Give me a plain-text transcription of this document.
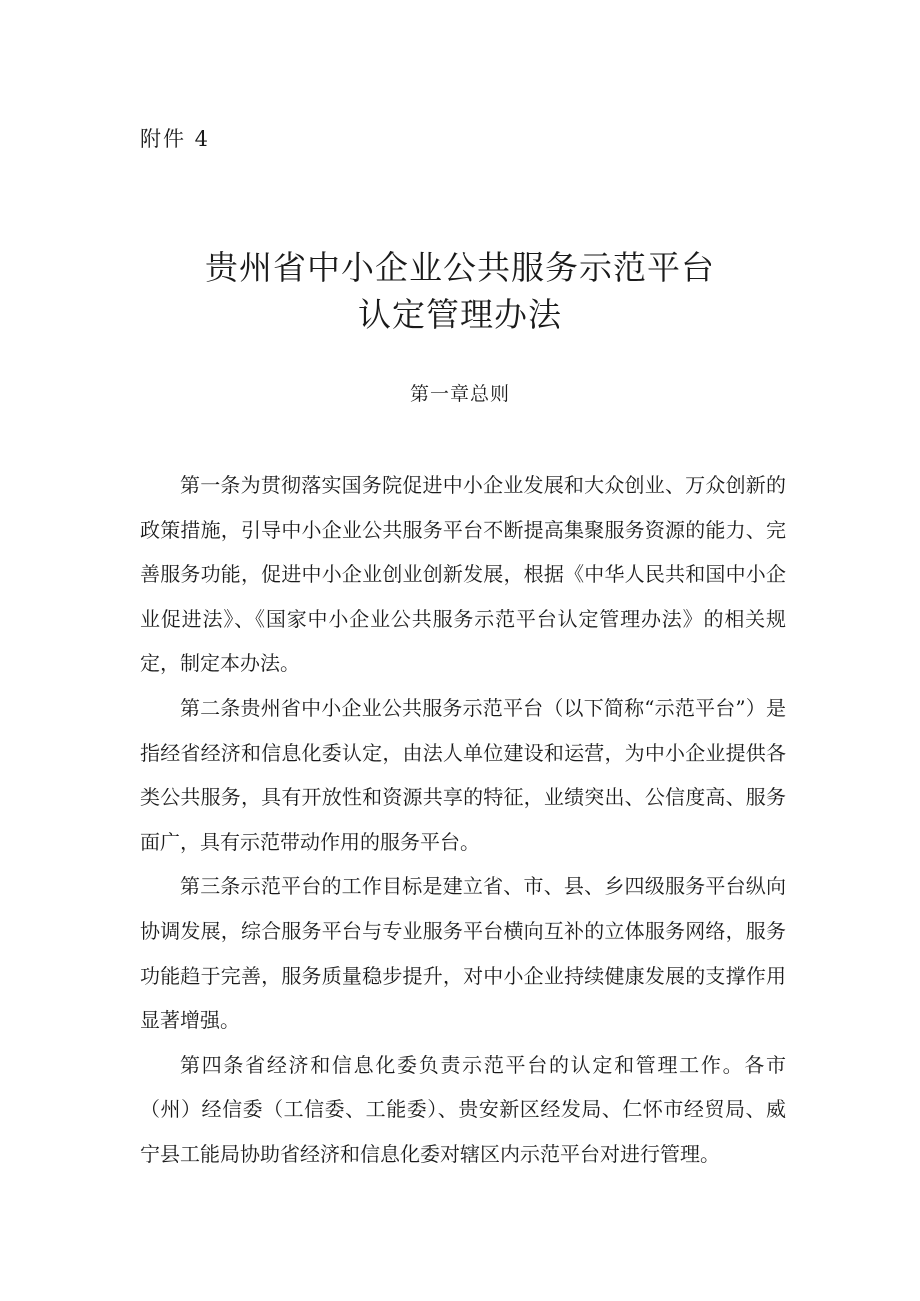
附件 4
贵州省中小企业公共服务示范平台
认定管理办法
第一章总则

第一条为贯彻落实国务院促进中小企业发展和大众创业、万众创新的政策措施，引导中小企业公共服务平台不断提高集聚服务资源的能力、完善服务功能，促进中小企业创业创新发展，根据《中华人民共和国中小企业促进法》、《国家中小企业公共服务示范平台认定管理办法》的相关规定，制定本办法。

第二条贵州省中小企业公共服务示范平台（以下简称“示范平台”）是指经省经济和信息化委认定，由法人单位建设和运营，为中小企业提供各类公共服务，具有开放性和资源共享的特征，业绩突出、公信度高、服务面广，具有示范带动作用的服务平台。

第三条示范平台的工作目标是建立省、市、县、乡四级服务平台纵向协调发展，综合服务平台与专业服务平台横向互补的立体服务网络，服务功能趋于完善，服务质量稳步提升，对中小企业持续健康发展的支撑作用显著增强。

第四条省经济和信息化委负责示范平台的认定和管理工作。各市（州）经信委（工信委、工能委）、贵安新区经发局、仁怀市经贸局、威宁县工能局协助省经济和信息化委对辖区内示范平台对进行管理。
